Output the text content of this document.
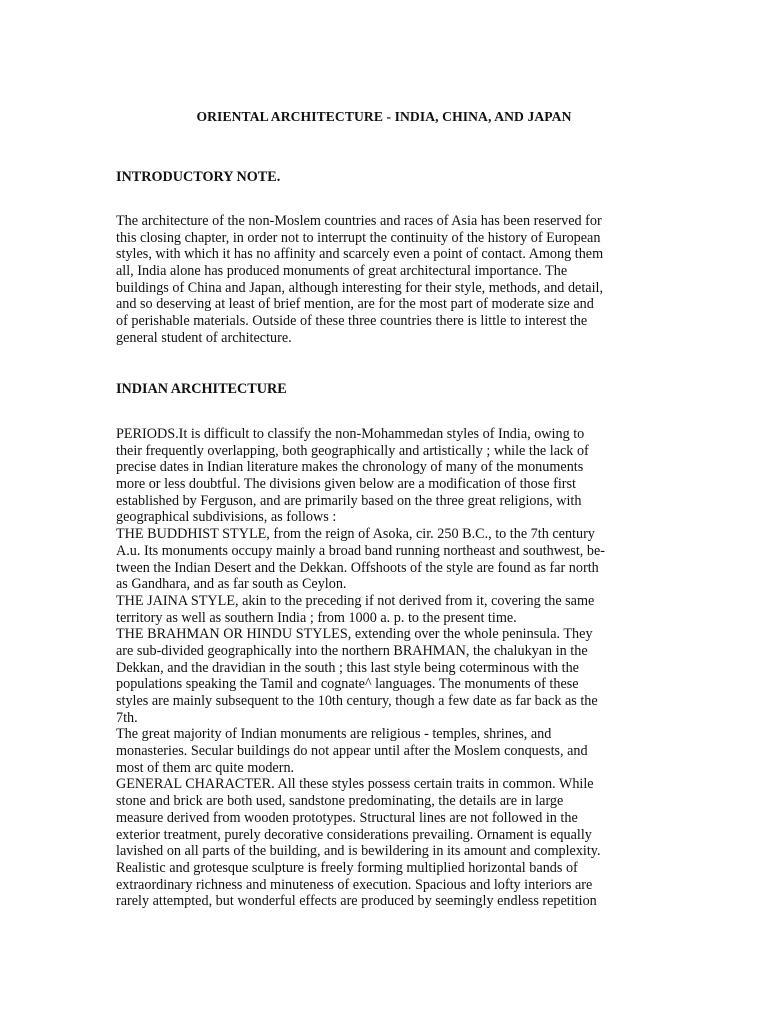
ORIENTAL ARCHITECTURE - INDIA, CHINA, AND JAPAN
INTRODUCTORY NOTE.
The architecture of the non-Moslem countries and races of Asia has been reserved for
this closing chapter, in order not to interrupt the continuity of the history of European
styles, with which it has no affinity and scarcely even a point of contact. Among them
all, India alone has produced monuments of great architectural importance. The
buildings of China and Japan, although interesting for their style, methods, and detail,
and so deserving at least of brief mention, are for the most part of moderate size and
of perishable materials. Outside of these three countries there is little to interest the
general student of architecture.
INDIAN ARCHITECTURE
PERIODS.It is difficult to classify the non-Mohammedan styles of India, owing to
their frequently overlapping, both geographically and artistically ; while the lack of
precise dates in Indian literature makes the chronology of many of the monuments
more or less doubtful. The divisions given below are a modification of those first
established by Ferguson, and are primarily based on the three great religions, with
geographical subdivisions, as follows :
THE BUDDHIST STYLE, from the reign of Asoka, cir. 250 B.C., to the 7th century
A.u. Its monuments occupy mainly a broad band running northeast and southwest, be-
tween the Indian Desert and the Dekkan. Offshoots of the style are found as far north
as Gandhara, and as far south as Ceylon.
THE JAINA STYLE, akin to the preceding if not derived from it, covering the same
territory as well as southern India ; from 1000 a. p. to the present time.
THE BRAHMAN OR HINDU STYLES, extending over the whole peninsula. They
are sub-divided geographically into the northern BRAHMAN, the chalukyan in the
Dekkan, and the dravidian in the south ; this last style being coterminous with the
populations speaking the Tamil and cognate^ languages. The monuments of these
styles are mainly subsequent to the 10th century, though a few date as far back as the
7th.
The great majority of Indian monuments are religious - temples, shrines, and
monasteries. Secular buildings do not appear until after the Moslem conquests, and
most of them arc quite modern.
GENERAL CHARACTER. All these styles possess certain traits in common. While
stone and brick are both used, sandstone predominating, the details are in large
measure derived from wooden prototypes. Structural lines are not followed in the
exterior treatment, purely decorative considerations prevailing. Ornament is equally
lavished on all parts of the building, and is bewildering in its amount and complexity.
Realistic and grotesque sculpture is freely forming multiplied horizontal bands of
extraordinary richness and minuteness of execution. Spacious and lofty interiors are
rarely attempted, but wonderful effects are produced by seemingly endless repetition
